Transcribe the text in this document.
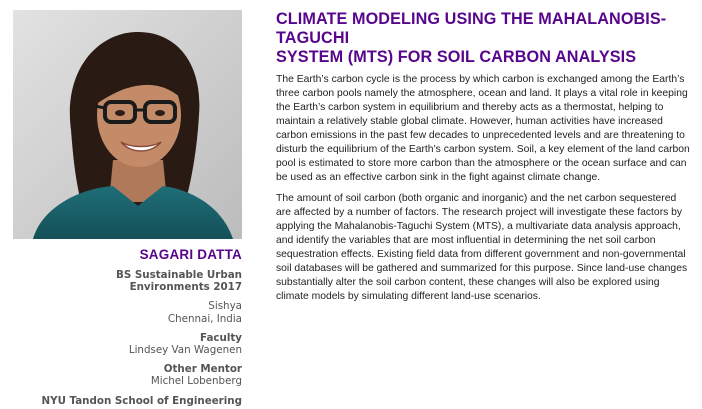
SAGARI DATTA
BS Sustainable Urban
Environments 2017
Sishya
Chennai, India
Faculty
Lindsey Van Wagenen
Other Mentor
Michel Lobenberg
NYU Tandon School of Engineering
CLIMATE MODELING USING THE MAHALANOBIS-TAGUCHI
SYSTEM (MTS) FOR SOIL CARBON ANALYSIS

The Earth’s carbon cycle is the process by which carbon is exchanged among the Earth’s three carbon pools namely the atmosphere, ocean and land. It plays a vital role in keeping the Earth’s carbon system in equilibrium and thereby acts as a thermostat, helping to maintain a relatively stable global climate. However, human activities have increased carbon emissions in the past few decades to unprecedented levels and are threatening to disturb the equilibrium of the Earth’s carbon system. Soil, a key element of the land carbon pool is estimated to store more carbon than the atmosphere or the ocean surface and can be used as an effective carbon sink in the fight against climate change.

The amount of soil carbon (both organic and inorganic) and the net carbon sequestered are affected by a number of factors. The research project will investigate these factors by applying the Mahalanobis-Taguchi System (MTS), a multivariate data analysis approach, and identify the variables that are most influential in determining the net soil carbon sequestration effects. Existing field data from different government and non-governmental soil databases will be gathered and summarized for this purpose. Since land-use changes substantially alter the soil carbon content, these changes will also be explored using climate models by simulating different land-use scenarios.
